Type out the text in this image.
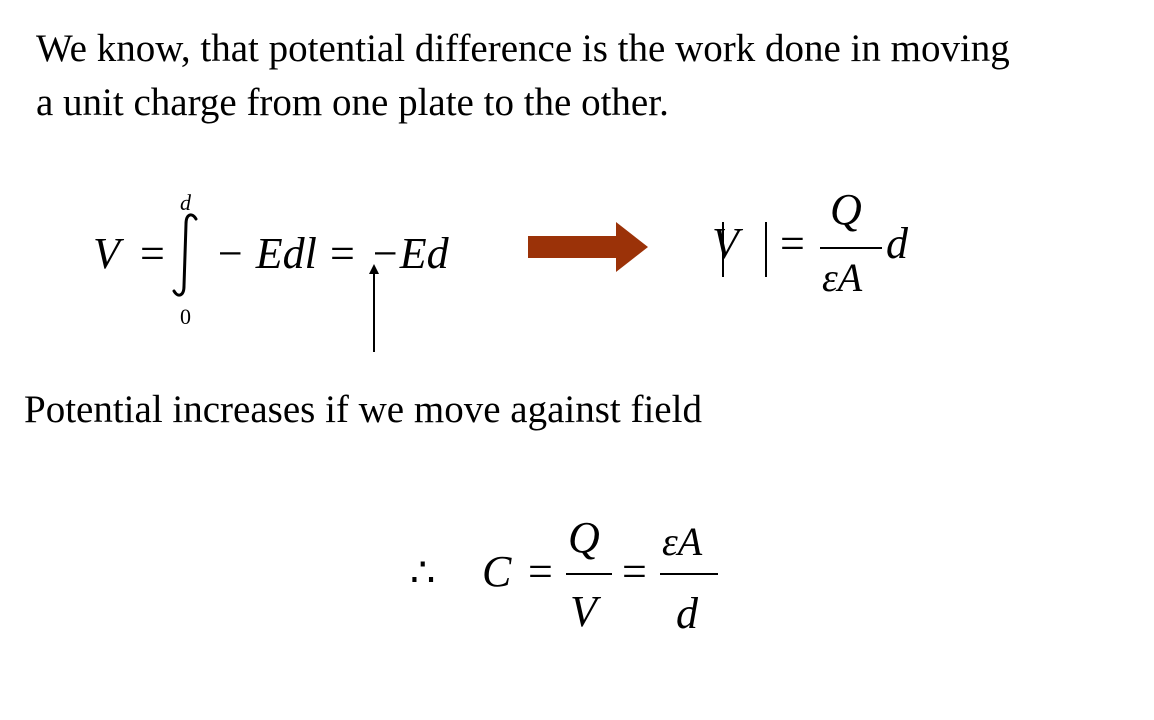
We know, that potential difference is the work done in moving
a unit charge from one plate to the other.
V =
d
0
− Edl = −Ed	V =
Q
εA
d
Potential increases if we move against field
∴ C =
Q
V
=
εA
d
